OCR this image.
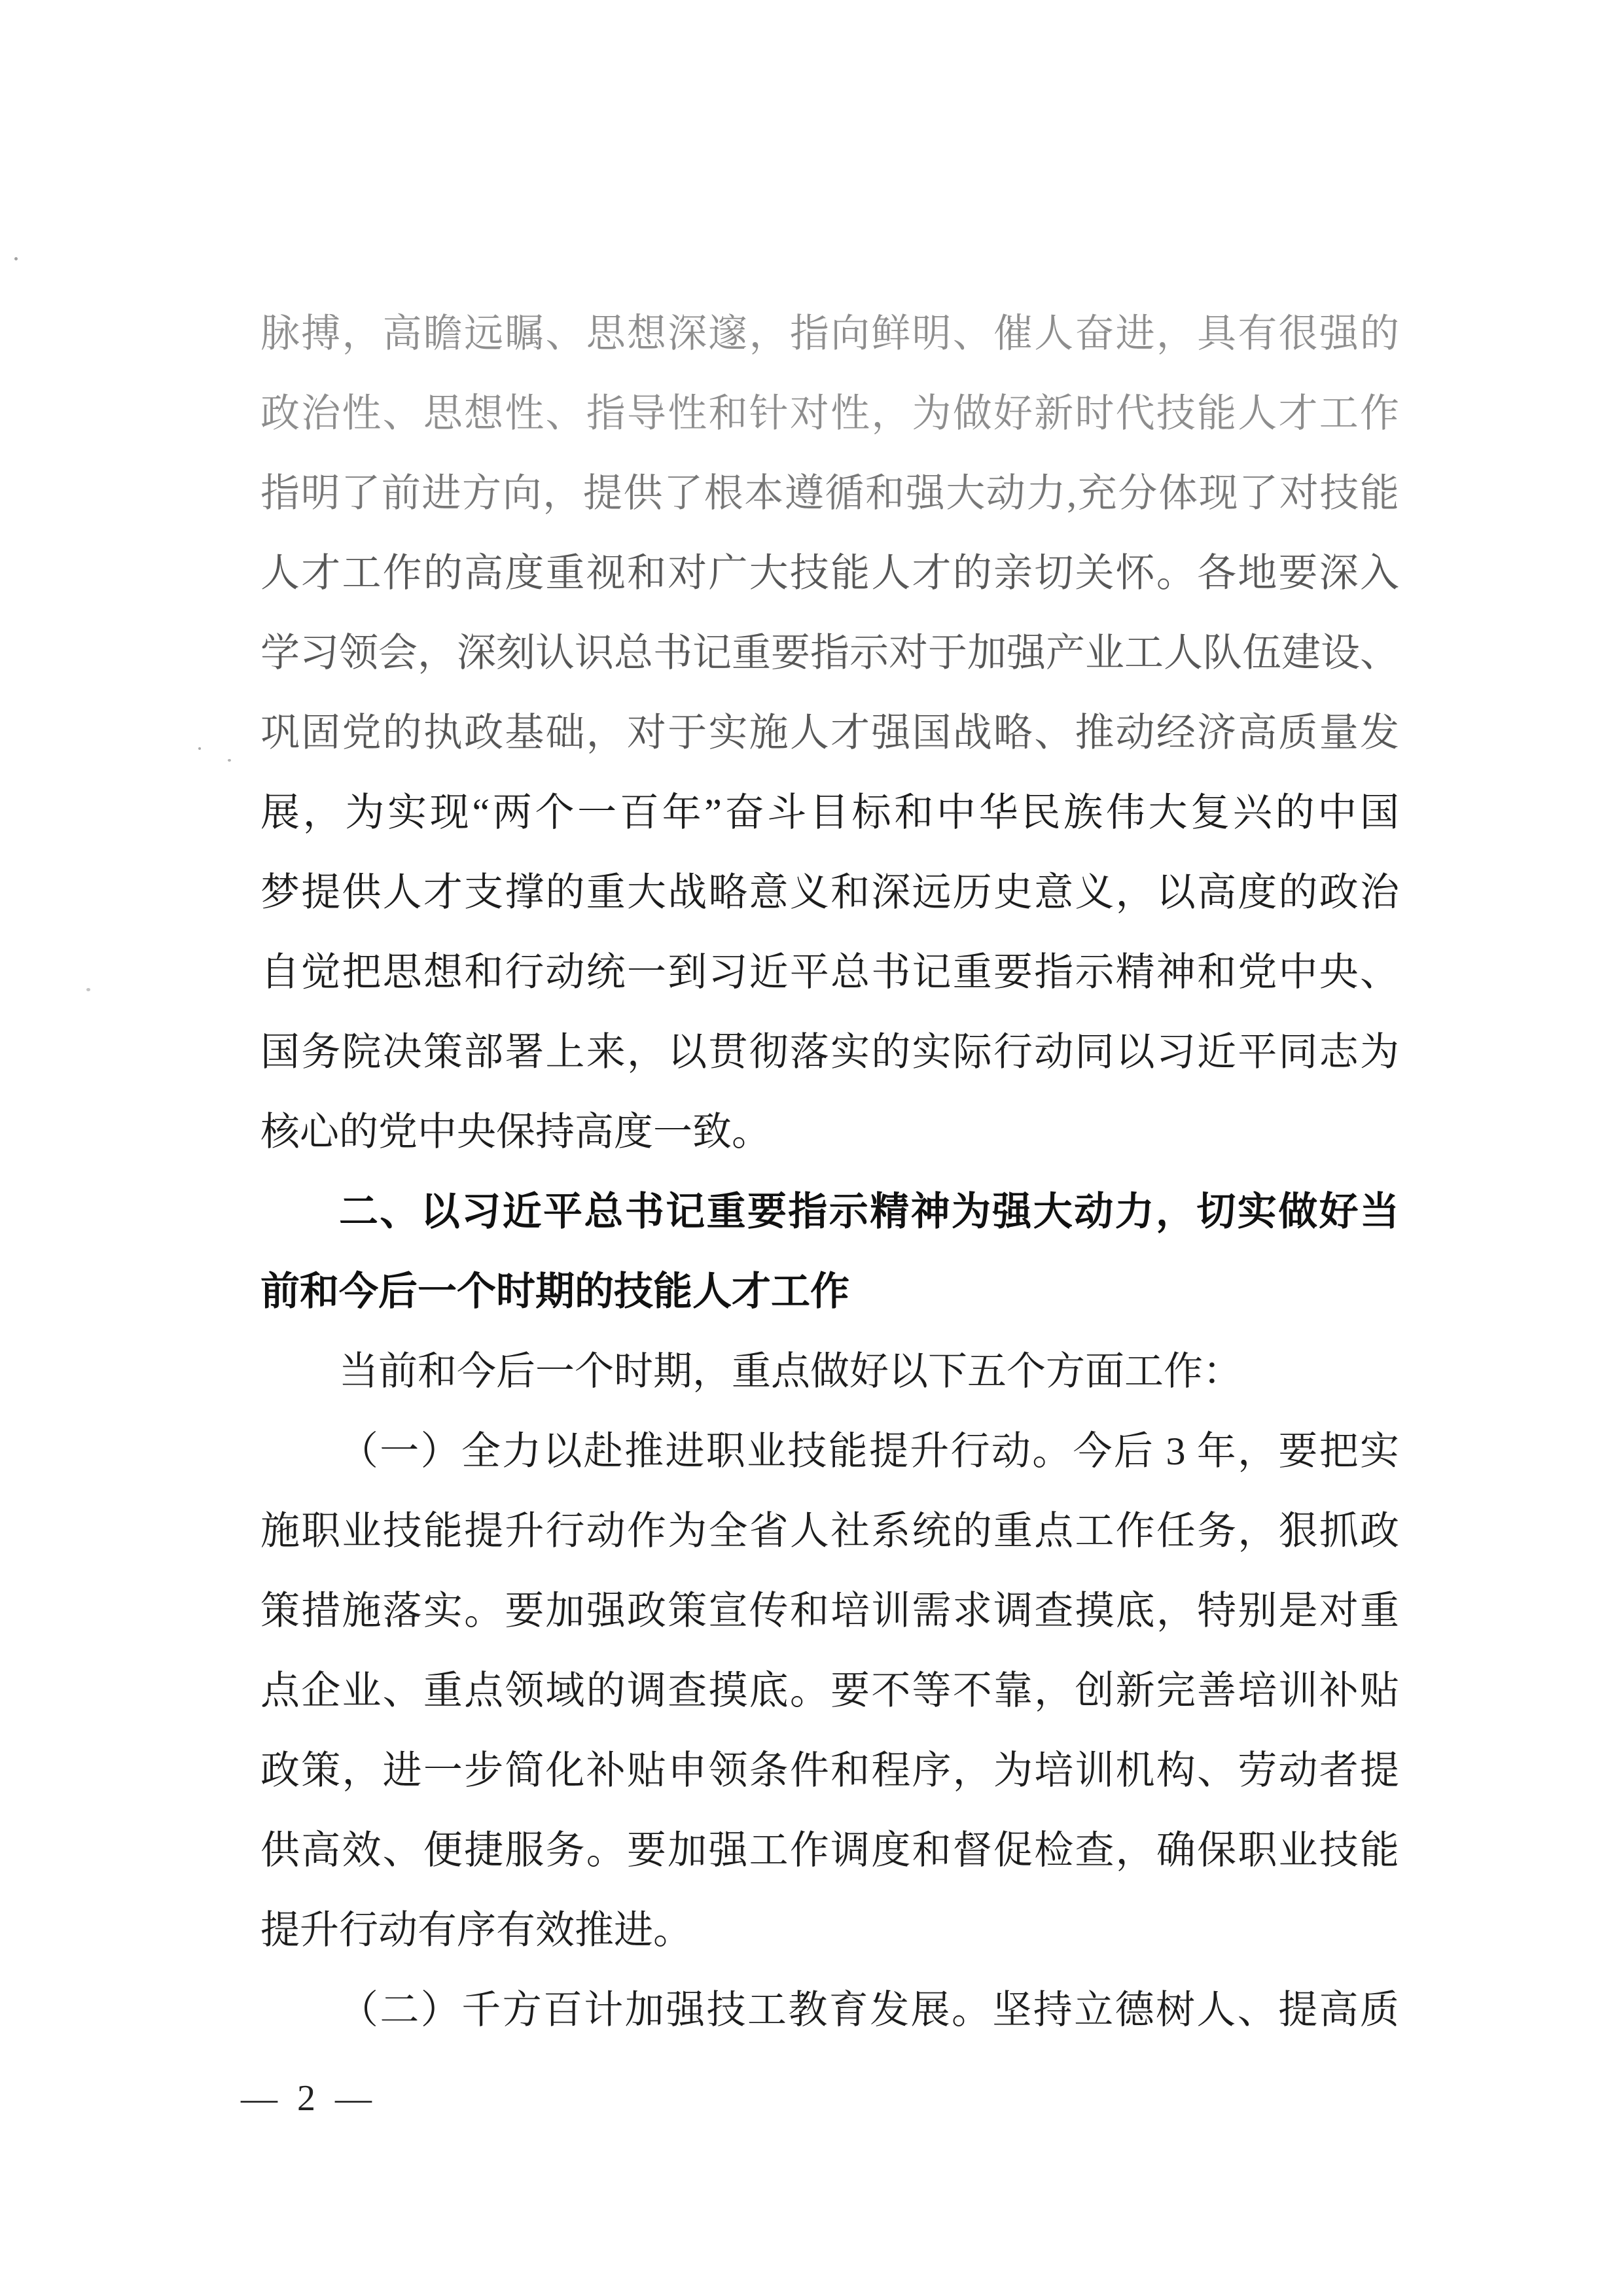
脉搏，高瞻远瞩、思想深邃，指向鲜明、催人奋进，具有很强的
政治性、思想性、指导性和针对性，为做好新时代技能人才工作
指明了前进方向，提供了根本遵循和强大动力,充分体现了对技能
人才工作的高度重视和对广大技能人才的亲切关怀。各地要深入
学习领会，深刻认识总书记重要指示对于加强产业工人队伍建设、
巩固党的执政基础，对于实施人才强国战略、推动经济高质量发
展，为实现“两个一百年”奋斗目标和中华民族伟大复兴的中国
梦提供人才支撑的重大战略意义和深远历史意义，以高度的政治
自觉把思想和行动统一到习近平总书记重要指示精神和党中央、
国务院决策部署上来，以贯彻落实的实际行动同以习近平同志为
核心的党中央保持高度一致。
二、以习近平总书记重要指示精神为强大动力，切实做好当
前和今后一个时期的技能人才工作
当前和今后一个时期，重点做好以下五个方面工作：
（一）全力以赴推进职业技能提升行动。今后 3 年，要把实
施职业技能提升行动作为全省人社系统的重点工作任务，狠抓政
策措施落实。要加强政策宣传和培训需求调查摸底，特别是对重
点企业、重点领域的调查摸底。要不等不靠，创新完善培训补贴
政策，进一步简化补贴申领条件和程序，为培训机构、劳动者提
供高效、便捷服务。要加强工作调度和督促检查，确保职业技能
提升行动有序有效推进。
（二）千方百计加强技工教育发展。坚持立德树人、提高质
— 2 —
